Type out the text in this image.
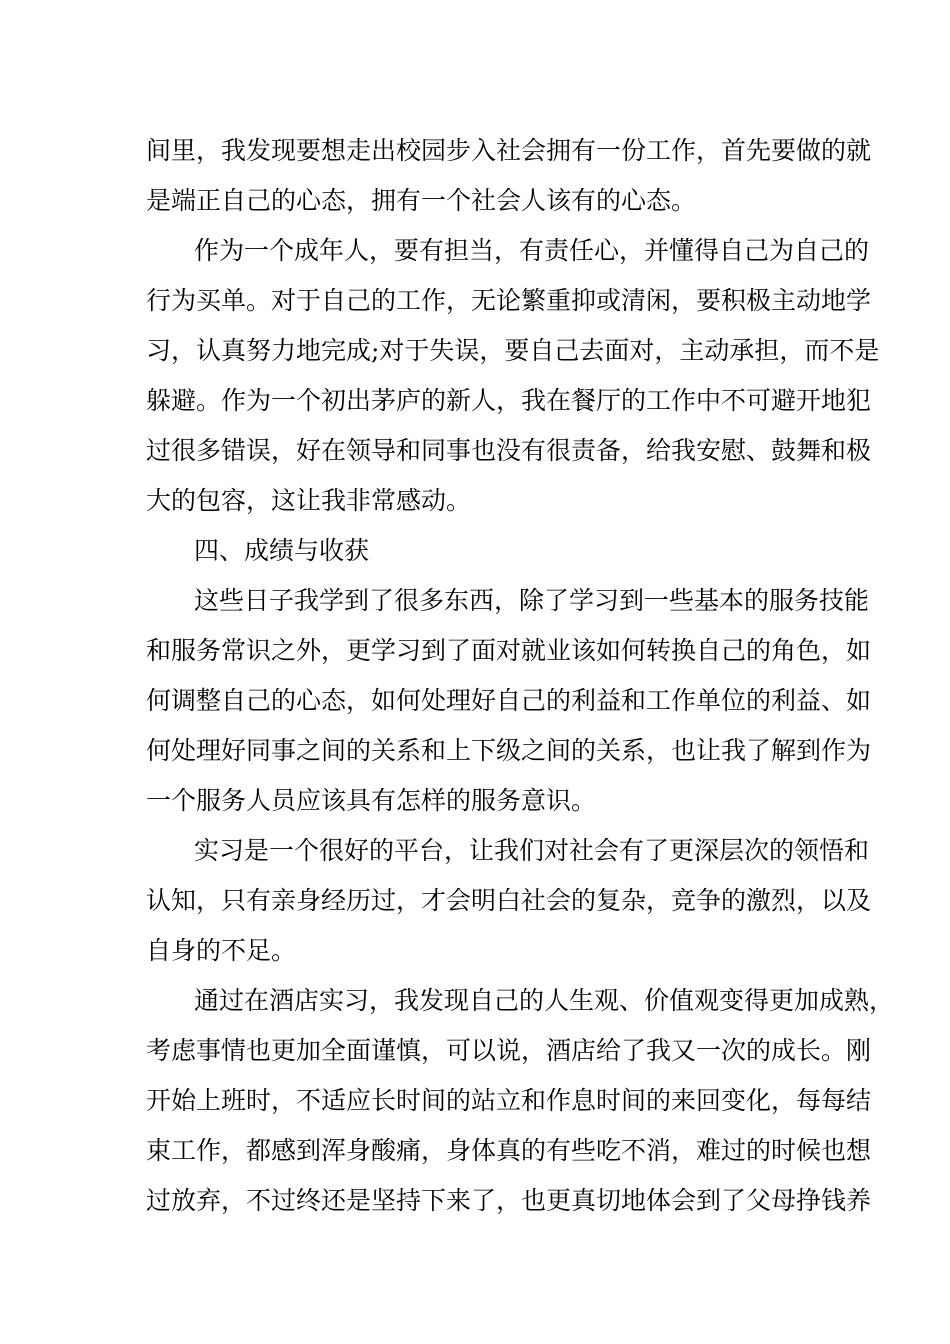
间里，我发现要想走出校园步入社会拥有一份工作，首先要做的就
是端正自己的心态，拥有一个社会人该有的心态。
作为一个成年人，要有担当，有责任心，并懂得自己为自己的
行为买单。对于自己的工作，无论繁重抑或清闲，要积极主动地学
习，认真努力地完成;对于失误，要自己去面对，主动承担，而不是
躲避。作为一个初出茅庐的新人，我在餐厅的工作中不可避开地犯
过很多错误，好在领导和同事也没有很责备，给我安慰、鼓舞和极
大的包容，这让我非常感动。
四、成绩与收获
这些日子我学到了很多东西，除了学习到一些基本的服务技能
和服务常识之外，更学习到了面对就业该如何转换自己的角色，如
何调整自己的心态，如何处理好自己的利益和工作单位的利益、如
何处理好同事之间的关系和上下级之间的关系，也让我了解到作为
一个服务人员应该具有怎样的服务意识。
实习是一个很好的平台，让我们对社会有了更深层次的领悟和
认知，只有亲身经历过，才会明白社会的复杂，竞争的激烈，以及
自身的不足。
通过在酒店实习，我发现自己的人生观、价值观变得更加成熟，
考虑事情也更加全面谨慎，可以说，酒店给了我又一次的成长。刚
开始上班时，不适应长时间的站立和作息时间的来回变化，每每结
束工作，都感到浑身酸痛，身体真的有些吃不消，难过的时候也想
过放弃，不过终还是坚持下来了，也更真切地体会到了父母挣钱养
